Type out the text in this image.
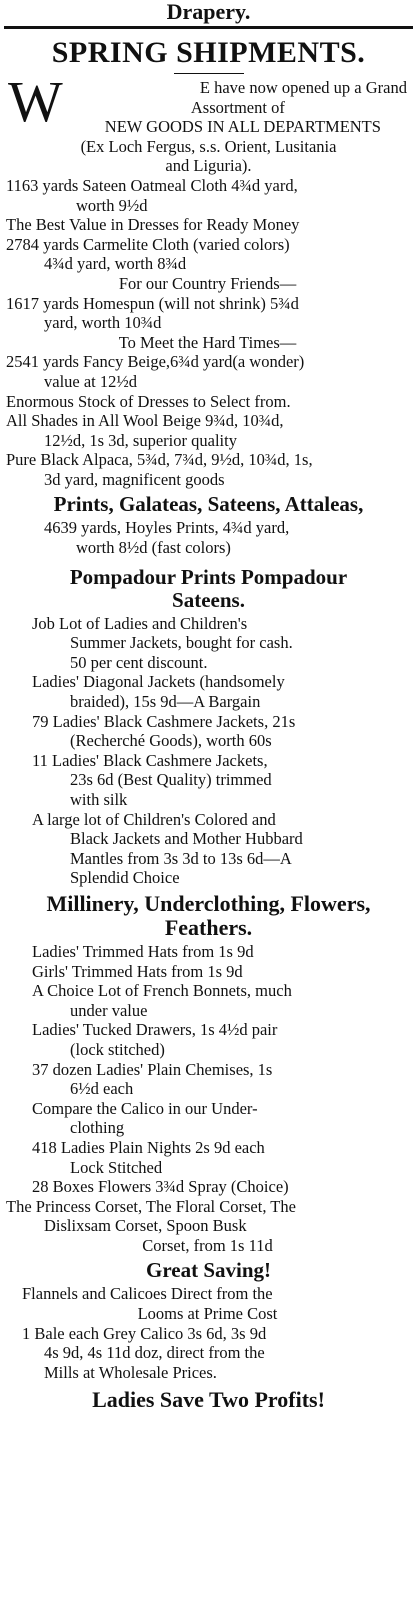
Drapery.
SPRING SHIPMENTS.
W	E have now opened up a Grand
Assortment of
NEW GOODS IN ALL DEPARTMENTS
(Ex Loch Fergus, s.s. Orient, Lusitania
and Liguria).
1163 yards Sateen Oatmeal Cloth 4¾d yard,
worth 9½d
The Best Value in Dresses for Ready Money
2784 yards Carmelite Cloth (varied colors)
4¾d yard, worth 8¾d
For our Country Friends—
1617 yards Homespun (will not shrink) 5¾d
yard, worth 10¾d
To Meet the Hard Times—
2541 yards Fancy Beige,6¾d yard(a wonder)
value at 12½d
Enormous Stock of Dresses to Select from.
All Shades in All Wool Beige 9¾d, 10¾d,
12½d, 1s 3d, superior quality
Pure Black Alpaca, 5¾d, 7¾d, 9½d, 10¾d, 1s,
3d yard, magnificent goods
Prints, Galateas, Sateens, Attaleas,
4639 yards, Hoyles Prints, 4¾d yard,
worth 8½d (fast colors)
Pompadour Prints Pompadour
Sateens.
Job Lot of Ladies and Children's
Summer Jackets, bought for cash.
50 per cent discount.
Ladies' Diagonal Jackets (handsomely
braided), 15s 9d—A Bargain
79 Ladies' Black Cashmere Jackets, 21s
(Recherché Goods), worth 60s
11 Ladies' Black Cashmere Jackets,
23s 6d (Best Quality) trimmed
with silk
A large lot of Children's Colored and
Black Jackets and Mother Hubbard
Mantles from 3s 3d to 13s 6d—A
Splendid Choice
Millinery, Underclothing, Flowers,
Feathers.
Ladies' Trimmed Hats from 1s 9d
Girls' Trimmed Hats from 1s 9d
A Choice Lot of French Bonnets, much
under value
Ladies' Tucked Drawers, 1s 4½d pair
(lock stitched)
37 dozen Ladies' Plain Chemises, 1s
6½d each
Compare the Calico in our Under-
clothing
418 Ladies Plain Nights 2s 9d each
Lock Stitched
28 Boxes Flowers 3¾d Spray (Choice)
The Princess Corset, The Floral Corset, The
Dislixsam Corset, Spoon Busk
Corset, from 1s 11d
Great Saving!
Flannels and Calicoes Direct from the
Looms at Prime Cost
1 Bale each Grey Calico 3s 6d, 3s 9d
4s 9d, 4s 11d doz, direct from the
Mills at Wholesale Prices.
Ladies Save Two Profits!
